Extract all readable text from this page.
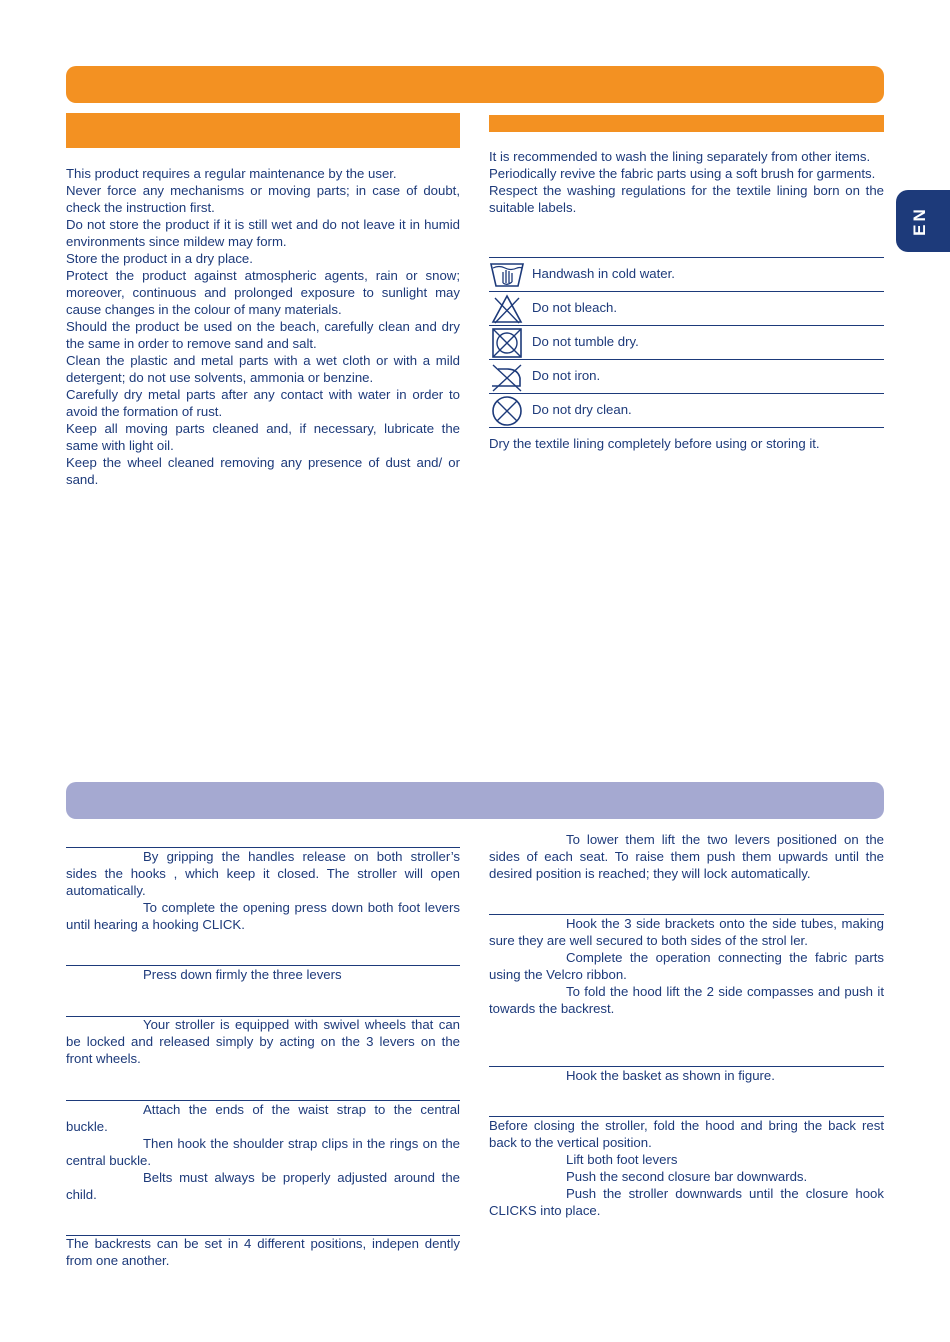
EN

This product requires a regular maintenance by the user.

Never force any mechanisms or moving parts; in case of doubt, check the instruction first.

Do not store the product if it is still wet and do not leave it in humid environments since mildew may form.

Store the product in a dry place.

Protect the product against atmospheric agents, rain or snow; moreover, continuous and prolonged exposure to sunlight may cause changes in the colour of many materials.

Should the product be used on the beach, carefully clean and dry the same in order to remove sand and salt.

Clean the plastic and metal parts with a wet cloth or with a mild detergent; do not use solvents, ammonia or benzine.

Carefully dry metal parts after any contact with water in order to avoid the formation of rust.

Keep all moving parts cleaned and, if necessary, lubricate the same with light oil.

Keep the wheel cleaned removing any presence of dust and/ or sand.

It is recommended to wash the lining separately from other items.

Periodically revive the fabric parts using a soft brush for garments.

Respect the washing regulations for the textile lining born on the suitable labels.

Handwash in cold water.
Do not bleach.
Do not tumble dry.
Do not iron.
Do not dry clean.
Dry the textile lining completely before using or storing it.

By gripping the handles release on both stroller’s sides the hooks , which keep it closed. The stroller will open automatically.

To complete the opening press down both foot levers until hearing a hooking CLICK.

Press down firmly the three levers

Your stroller is equipped with swivel wheels that can be locked and released simply by acting on the 3 levers on the front wheels.

Attach the ends of the waist strap to the central buckle.

Then hook the shoulder strap clips in the rings on the central buckle.

Belts must always be properly adjusted around the child.

The backrests can be set in 4 different positions, indepen dently from one another.

To lower them lift the two levers positioned on the sides of each seat. To raise them push them upwards until the desired position is reached; they will lock automatically.

Hook the 3 side brackets onto the side tubes, making sure they are well secured to both sides of the strol ler.

Complete the operation connecting the fabric parts using the Velcro ribbon.

To fold the hood lift the 2 side compasses and push it towards the backrest.

Hook the basket as shown in figure.

Before closing the stroller, fold the hood and bring the back rest back to the vertical position.

Lift both foot levers

Push the second closure bar downwards.

Push the stroller downwards until the closure hook CLICKS into place.
